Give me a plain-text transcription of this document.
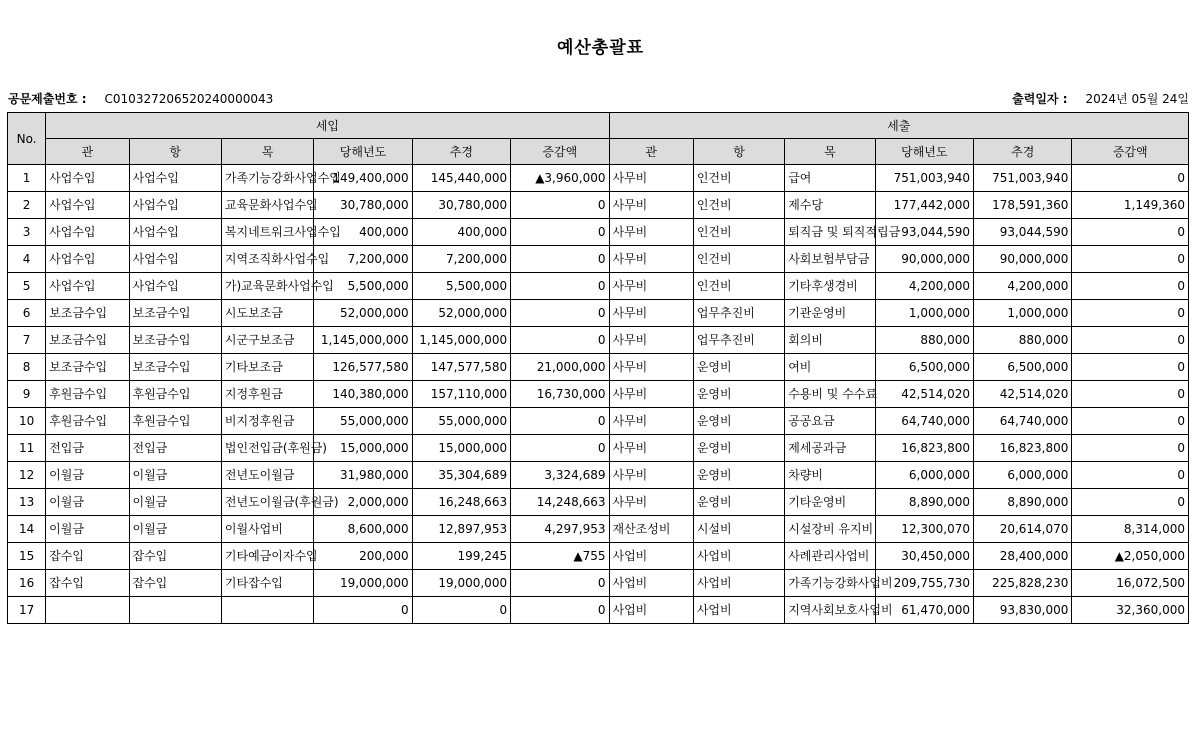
예산총괄표
공문제출번호 : C010327206520240000043	출력일자 : 2024년 05월 24일
No.	세입						세출					
	관	항	목	당해년도	추경	증감액	관	항	목	당해년도	추경	증감액
1	사업수입	사업수입	가족기능강화사업수입	149,400,000	145,440,000	▲3,960,000	사무비	인건비	급여	751,003,940	751,003,940	0
2	사업수입	사업수입	교육문화사업수입	30,780,000	30,780,000	0	사무비	인건비	제수당	177,442,000	178,591,360	1,149,360
3	사업수입	사업수입	복지네트워크사업수입	400,000	400,000	0	사무비	인건비	퇴직금 및 퇴직적립금	93,044,590	93,044,590	0
4	사업수입	사업수입	지역조직화사업수입	7,200,000	7,200,000	0	사무비	인건비	사회보험부담금	90,000,000	90,000,000	0
5	사업수입	사업수입	가)교육문화사업수입	5,500,000	5,500,000	0	사무비	인건비	기타후생경비	4,200,000	4,200,000	0
6	보조금수입	보조금수입	시도보조금	52,000,000	52,000,000	0	사무비	업무추진비	기관운영비	1,000,000	1,000,000	0
7	보조금수입	보조금수입	시군구보조금	1,145,000,000	1,145,000,000	0	사무비	업무추진비	회의비	880,000	880,000	0
8	보조금수입	보조금수입	기타보조금	126,577,580	147,577,580	21,000,000	사무비	운영비	여비	6,500,000	6,500,000	0
9	후원금수입	후원금수입	지정후원금	140,380,000	157,110,000	16,730,000	사무비	운영비	수용비 및 수수료	42,514,020	42,514,020	0
10	후원금수입	후원금수입	비지정후원금	55,000,000	55,000,000	0	사무비	운영비	공공요금	64,740,000	64,740,000	0
11	전입금	전입금	법인전입금(후원금)	15,000,000	15,000,000	0	사무비	운영비	제세공과금	16,823,800	16,823,800	0
12	이월금	이월금	전년도이월금	31,980,000	35,304,689	3,324,689	사무비	운영비	차량비	6,000,000	6,000,000	0
13	이월금	이월금	전년도이월금(후원금)	2,000,000	16,248,663	14,248,663	사무비	운영비	기타운영비	8,890,000	8,890,000	0
14	이월금	이월금	이월사업비	8,600,000	12,897,953	4,297,953	재산조성비	시설비	시설장비 유지비	12,300,070	20,614,070	8,314,000
15	잡수입	잡수입	기타예금이자수입	200,000	199,245	▲755	사업비	사업비	사례관리사업비	30,450,000	28,400,000	▲2,050,000
16	잡수입	잡수입	기타잡수입	19,000,000	19,000,000	0	사업비	사업비	가족기능강화사업비	209,755,730	225,828,230	16,072,500
17				0	0	0	사업비	사업비	지역사회보호사업비	61,470,000	93,830,000	32,360,000
